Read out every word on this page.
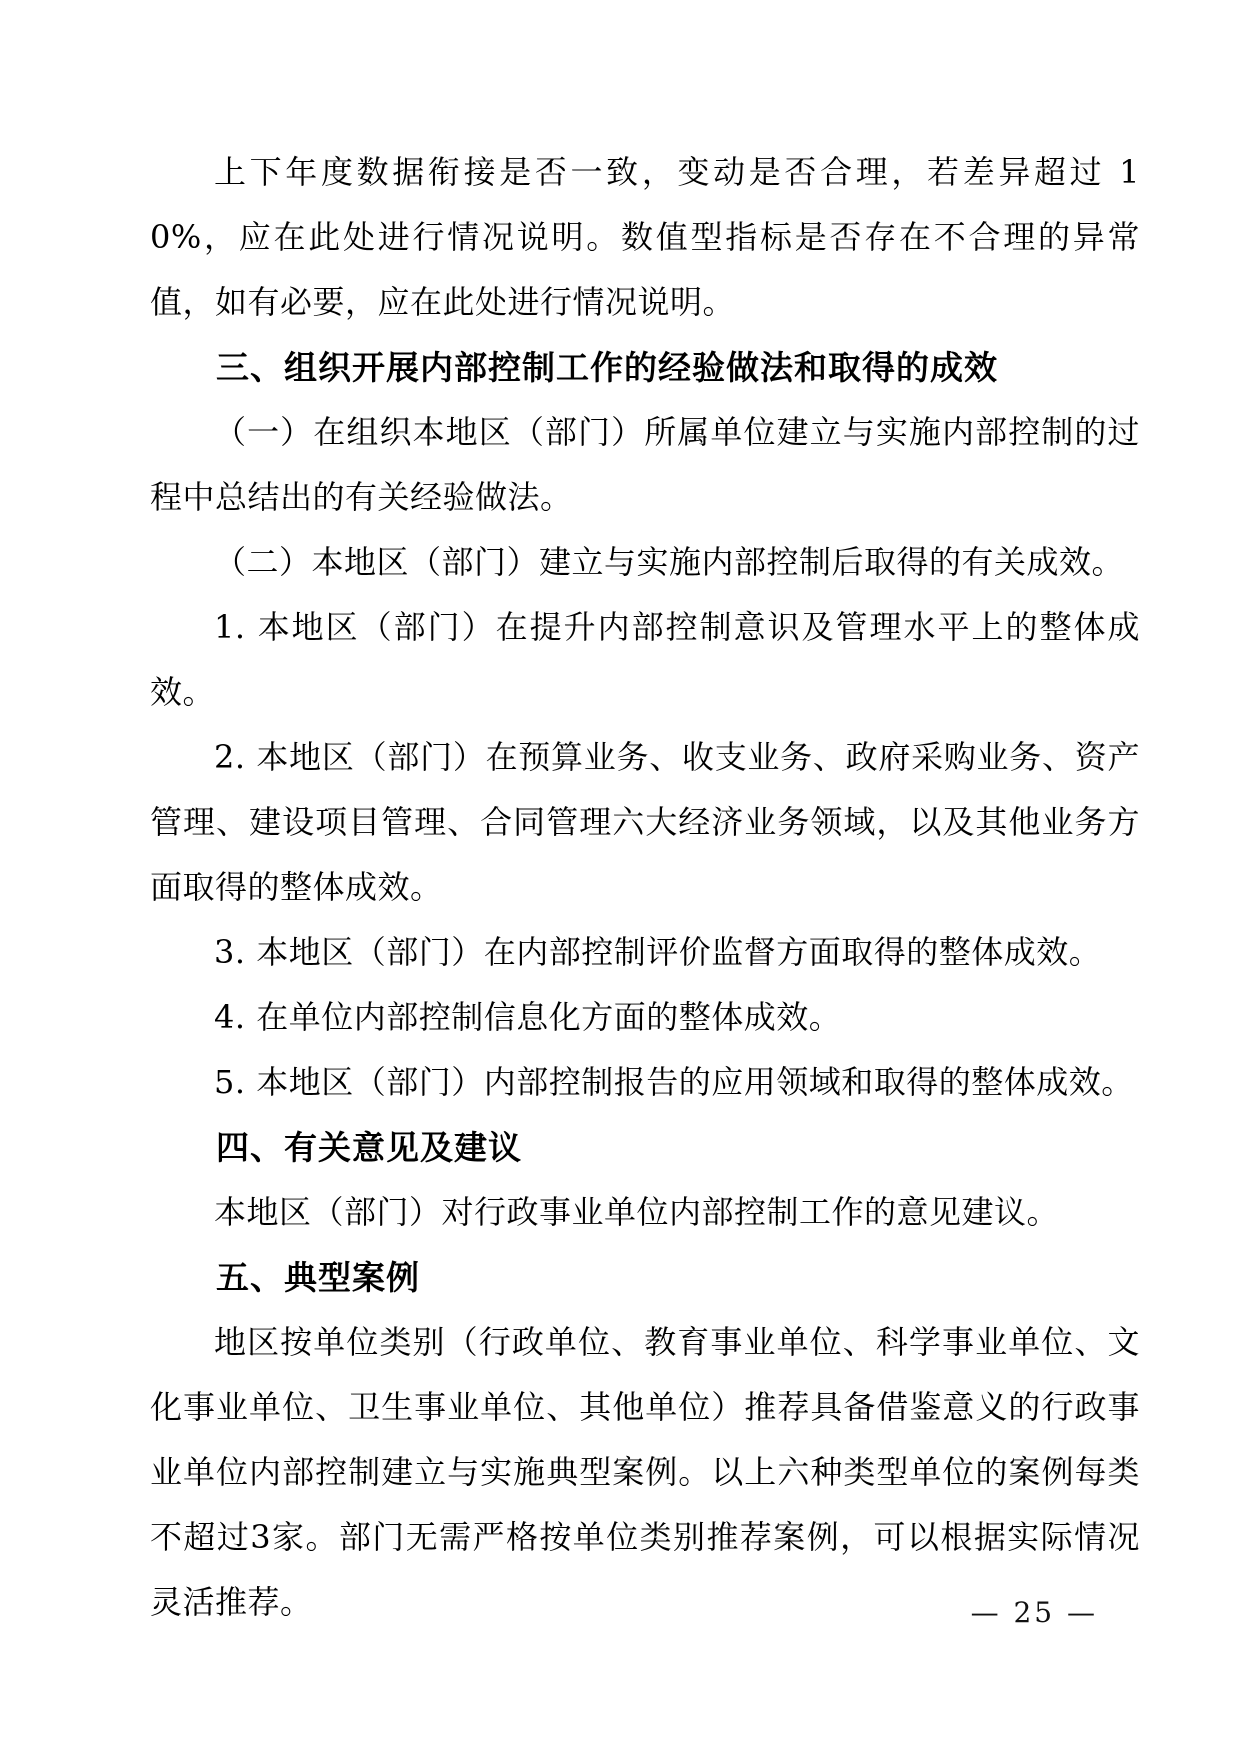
上下年度数据衔接是否一致，变动是否合理，若差异超过 10%，应在此处进行情况说明。数值型指标是否存在不合理的异常值，如有必要，应在此处进行情况说明。

三、组织开展内部控制工作的经验做法和取得的成效

（一）在组织本地区（部门）所属单位建立与实施内部控制的过程中总结出的有关经验做法。

（二）本地区（部门）建立与实施内部控制后取得的有关成效。

1. 本地区（部门）在提升内部控制意识及管理水平上的整体成效。

2. 本地区（部门）在预算业务、收支业务、政府采购业务、资产管理、建设项目管理、合同管理六大经济业务领域，以及其他业务方面取得的整体成效。

3. 本地区（部门）在内部控制评价监督方面取得的整体成效。

4. 在单位内部控制信息化方面的整体成效。

5. 本地区（部门）内部控制报告的应用领域和取得的整体成效。

四、有关意见及建议

本地区（部门）对行政事业单位内部控制工作的意见建议。

五、典型案例

地区按单位类别（行政单位、教育事业单位、科学事业单位、文化事业单位、卫生事业单位、其他单位）推荐具备借鉴意义的行政事业单位内部控制建立与实施典型案例。以上六种类型单位的案例每类不超过3家。部门无需严格按单位类别推荐案例，可以根据实际情况灵活推荐。	— 25 —
